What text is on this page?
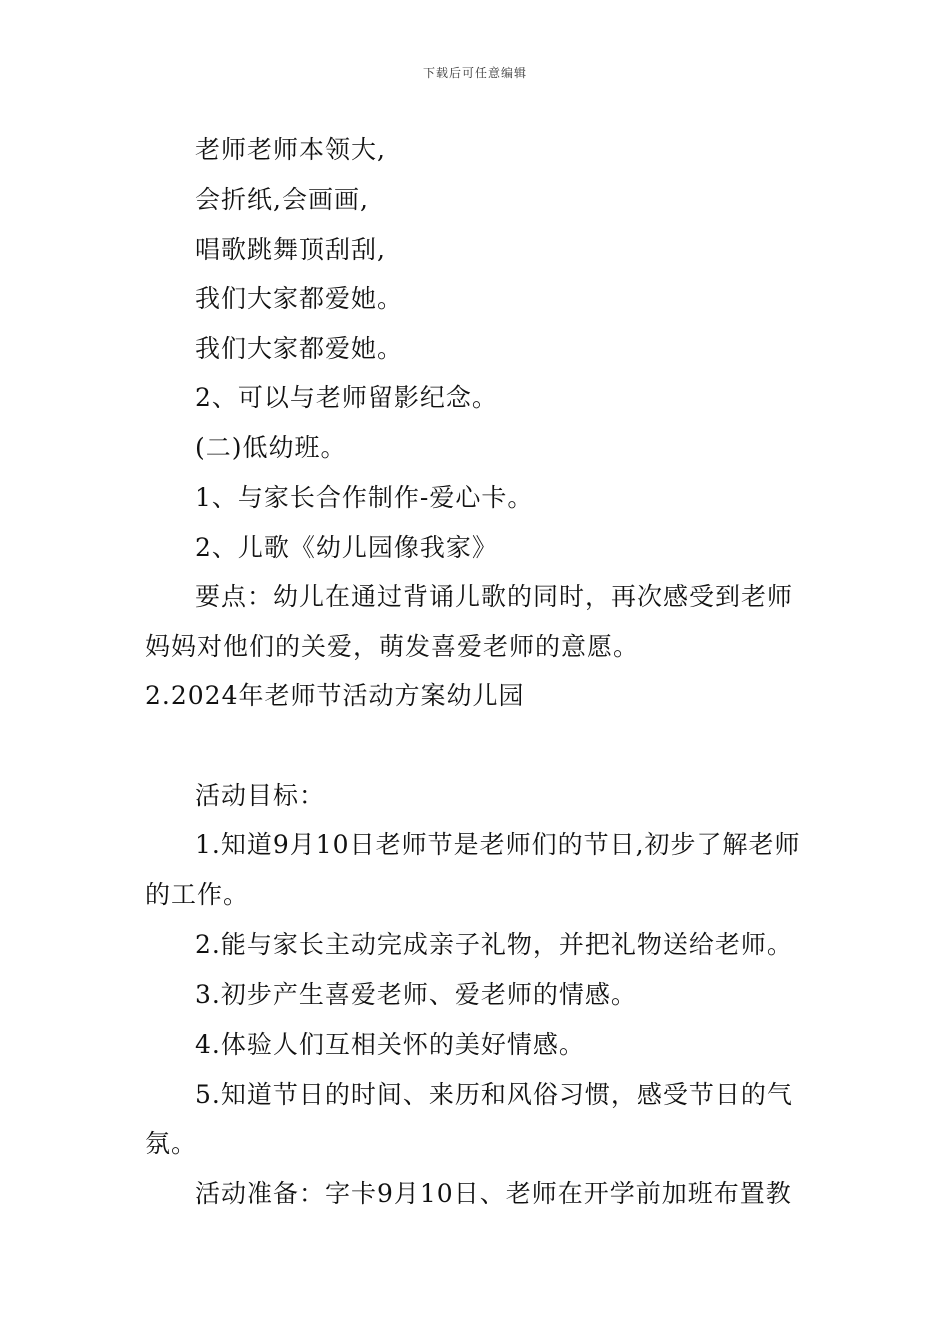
下载后可任意编辑
老师老师本领大,
会折纸,会画画,
唱歌跳舞顶刮刮,
我们大家都爱她。
我们大家都爱她。
2、可以与老师留影纪念。
(二)低幼班。
1、与家长合作制作-爱心卡。
2、儿歌《幼儿园像我家》
要点：幼儿在通过背诵儿歌的同时，再次感受到老师
妈妈对他们的关爱，萌发喜爱老师的意愿。
2.2024年老师节活动方案幼儿园
活动目标：
1.知道9月10日老师节是老师们的节日,初步了解老师
的工作。
2.能与家长主动完成亲子礼物，并把礼物送给老师。
3.初步产生喜爱老师、爱老师的情感。
4.体验人们互相关怀的美好情感。
5.知道节日的时间、来历和风俗习惯，感受节日的气
氛。
活动准备：字卡9月10日、老师在开学前加班布置教
